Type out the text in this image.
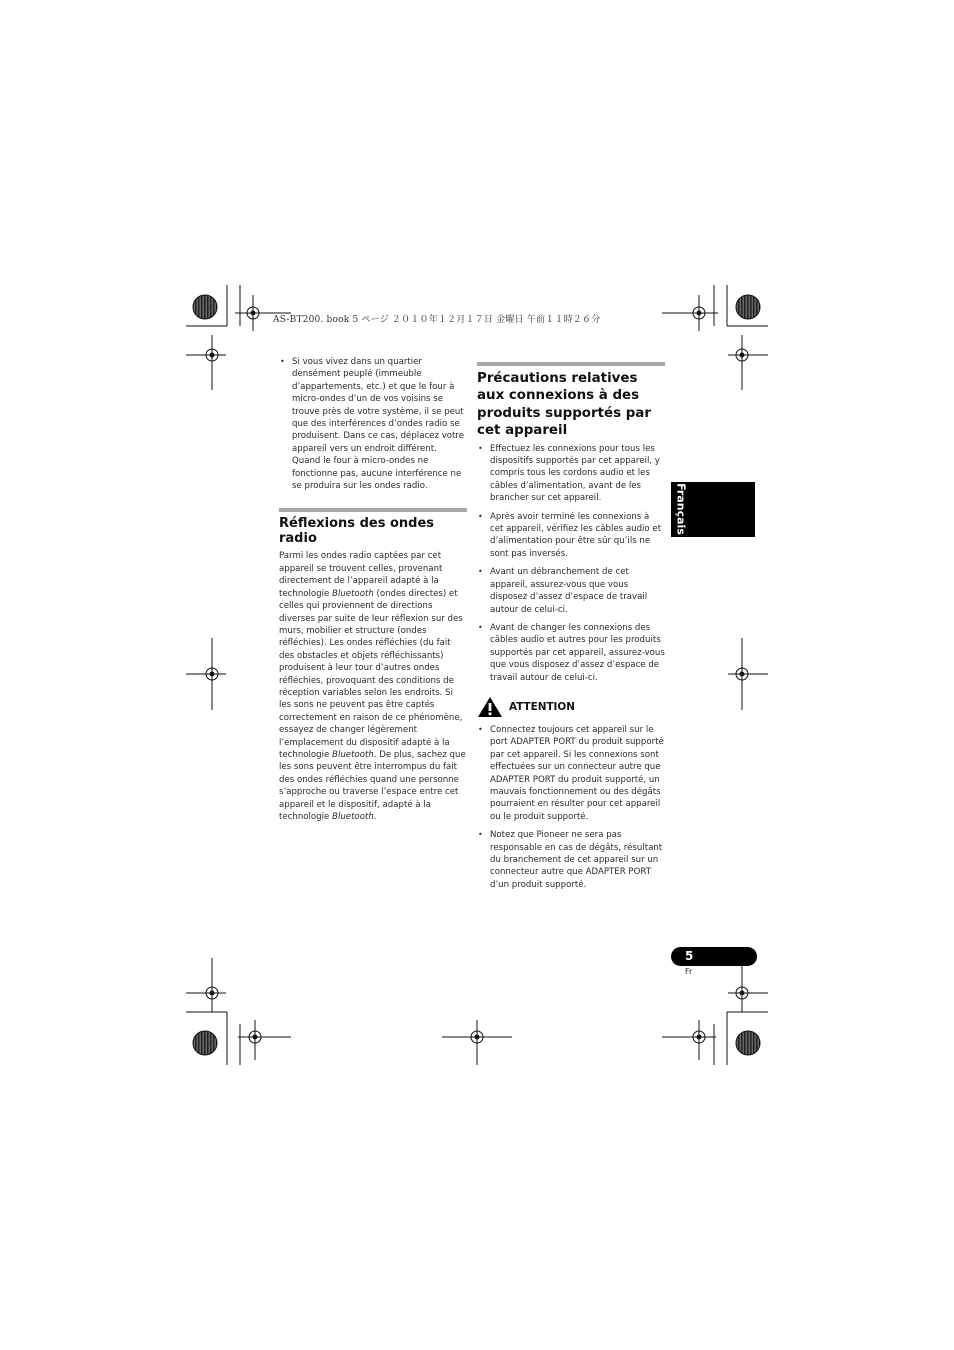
AS-BT200. book 5 ページ ２０１０年１２月１７日 金曜日 午前１１時２６分
• Si vous vivez dans un quartier densément peuplé (immeuble d’appartements, etc.) et que le four à micro-ondes d’un de vos voisins se trouve près de votre système, il se peut que des interférences d’ondes radio se produisent. Dans ce cas, déplacez votre appareil vers un endroit différent. Quand le four à micro-ondes ne fonctionne pas, aucune interférence ne se produira sur les ondes radio.
Réflexions des ondes radio

Parmi les ondes radio captées par cet appareil se trouvent celles, provenant directement de l’appareil adapté à la technologie Bluetooth (ondes directes) et celles qui proviennent de directions diverses par suite de leur réflexion sur des murs, mobilier et structure (ondes réfléchies). Les ondes réfléchies (du fait des obstacles et objets réfléchissants) produisent à leur tour d’autres ondes réfléchies, provoquant des conditions de réception variables selon les endroits. Si les sons ne peuvent pas être captés correctement en raison de ce phénomène, essayez de changer légèrement l’emplacement du dispositif adapté à la technologie Bluetooth. De plus, sachez que les sons peuvent être interrompus du fait des ondes réfléchies quand une personne s’approche ou traverse l’espace entre cet appareil et le dispositif, adapté à la technologie Bluetooth.

Précautions relatives aux connexions à des produits supportés par cet appareil
• Effectuez les connexions pour tous les dispositifs supportés par cet appareil, y compris tous les cordons audio et les câbles d’alimentation, avant de les brancher sur cet appareil.
• Après avoir terminé les connexions à cet appareil, vérifiez les câbles audio et d’alimentation pour être sûr qu’ils ne sont pas inversés.
• Avant un débranchement de cet appareil, assurez-vous que vous disposez d’assez d’espace de travail autour de celui-ci.
• Avant de changer les connexions des câbles audio et autres pour les produits supportés par cet appareil, assurez-vous que vous disposez d’assez d’espace de travail autour de celui-ci.
ATTENTION
• Connectez toujours cet appareil sur le port ADAPTER PORT du produit supporté par cet appareil. Si les connexions sont effectuées sur un connecteur autre que ADAPTER PORT du produit supporté, un mauvais fonctionnement ou des dégâts pourraient en résulter pour cet appareil ou le produit supporté.
• Notez que Pioneer ne sera pas responsable en cas de dégâts, résultant du branchement de cet appareil sur un connecteur autre que ADAPTER PORT d’un produit supporté.
Français
5
Fr
